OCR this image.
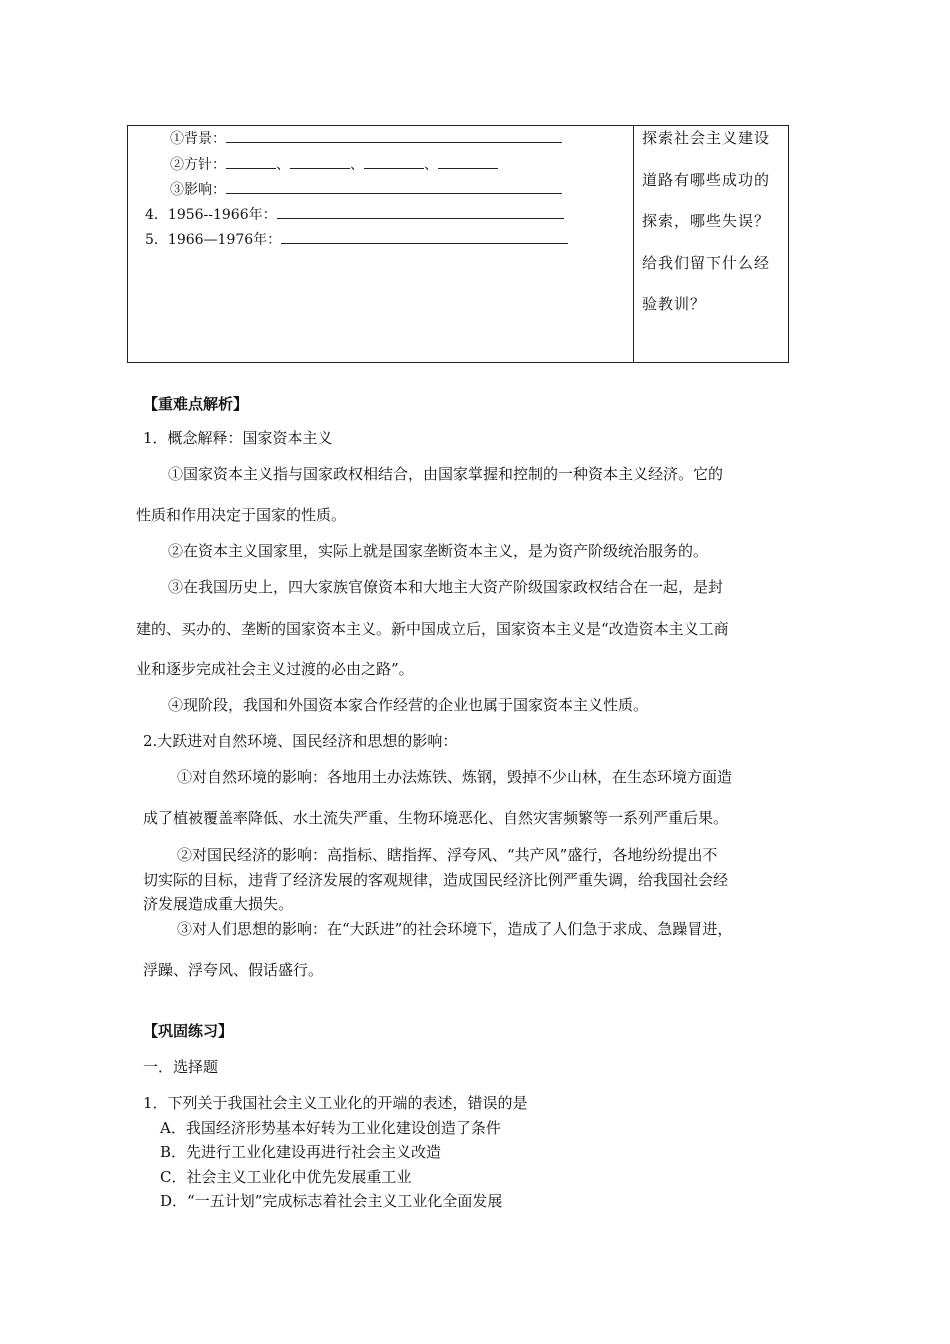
①背景：
②方针：	、	、	、
③影响：
4．1956--1966年：
5．1966—1976年：
探索社会主义建设
道路有哪些成功的
探索，哪些失误？
给我们留下什么经
验教训？
【重难点解析】
1．概念解释：国家资本主义
①国家资本主义指与国家政权相结合，由国家掌握和控制的一种资本主义经济。它的
性质和作用决定于国家的性质。
②在资本主义国家里，实际上就是国家垄断资本主义，是为资产阶级统治服务的。
③在我国历史上，四大家族官僚资本和大地主大资产阶级国家政权结合在一起，是封
建的、买办的、垄断的国家资本主义。新中国成立后，国家资本主义是“改造资本主义工商
业和逐步完成社会主义过渡的必由之路”。
④现阶段，我国和外国资本家合作经营的企业也属于国家资本主义性质。
2.大跃进对自然环境、国民经济和思想的影响：
①对自然环境的影响：各地用土办法炼铁、炼钢，毁掉不少山林，在生态环境方面造
成了植被覆盖率降低、水土流失严重、生物环境恶化、自然灾害频繁等一系列严重后果。
②对国民经济的影响：高指标、瞎指挥、浮夸风、“共产风”盛行，各地纷纷提出不
切实际的目标，违背了经济发展的客观规律，造成国民经济比例严重失调，给我国社会经
济发展造成重大损失。
③对人们思想的影响：在“大跃进”的社会环境下，造成了人们急于求成、急躁冒进，
浮躁、浮夸风、假话盛行。
【巩固练习】
一．选择题
1．下列关于我国社会主义工业化的开端的表述，错误的是
A．我国经济形势基本好转为工业化建设创造了条件
B．先进行工业化建设再进行社会主义改造
C．社会主义工业化中优先发展重工业
D．“一五计划”完成标志着社会主义工业化全面发展
